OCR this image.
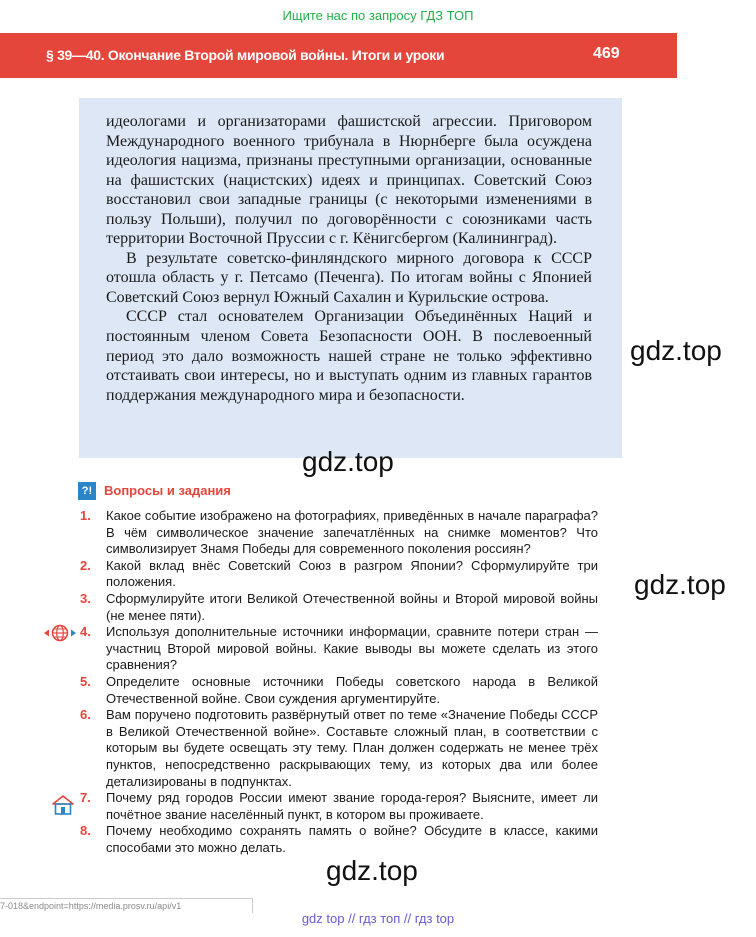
Ищите нас по запросу ГДЗ ТОП
§ 39—40. Окончание Второй мировой войны. Итоги и уроки	469

идеологами и организаторами фашистской агрессии. Приговором Международного военного трибунала в Нюрнберге была осуждена идеология нацизма, признаны преступными организации, основанные на фашистских (нацистских) идеях и принципах. Советский Союз восстановил свои западные границы (с некоторыми изменениями в пользу Польши), получил по договорённости с союзниками часть территории Восточной Пруссии с г. Кёнигсбергом (Калининград).

В результате советско-финляндского мирного договора к СССР отошла область у г. Петсамо (Печенга). По итогам войны с Японией Советский Союз вернул Южный Сахалин и Курильские острова.

СССР стал основателем Организации Объединённых Наций и постоянным членом Совета Безопасности ООН. В послевоенный период это дало возможность нашей стране не только эффективно отстаивать свои интересы, но и выступать одним из главных гарантов поддержания международного мира и безопасности.

gdz.top
gdz.top
gdz.top
gdz.top
?! Вопросы и задания
1. Какое событие изображено на фотографиях, приведённых в начале параграфа? В чём символическое значение запечатлённых на снимке моментов? Что символизирует Знамя Победы для современного поколения россиян?
2. Какой вклад внёс Советский Союз в разгром Японии? Сформулируйте три положения.
3. Сформулируйте итоги Великой Отечественной войны и Второй мировой войны (не менее пяти).
4. Используя дополнительные источники информации, сравните потери стран — участниц Второй мировой войны. Какие выводы вы можете сделать из этого сравнения?
5. Определите основные источники Победы советского народа в Великой Отечественной войне. Свои суждения аргументируйте.
6. Вам поручено подготовить развёрнутый ответ по теме «Значение Победы СССР в Великой Отечественной войне». Составьте сложный план, в соответствии с которым вы будете освещать эту тему. План должен содержать не менее трёх пунктов, непосредственно раскрывающих тему, из которых два или более детализированы в подпунктах.
7. Почему ряд городов России имеют звание города-героя? Выясните, имеет ли почётное звание населённый пункт, в котором вы проживаете.
8. Почему необходимо сохранять память о войне? Обсудите в классе, какими способами это можно делать.
7-018&endpoint=https://media.prosv.ru/api/v1
gdz top // гдз топ // гдз top
